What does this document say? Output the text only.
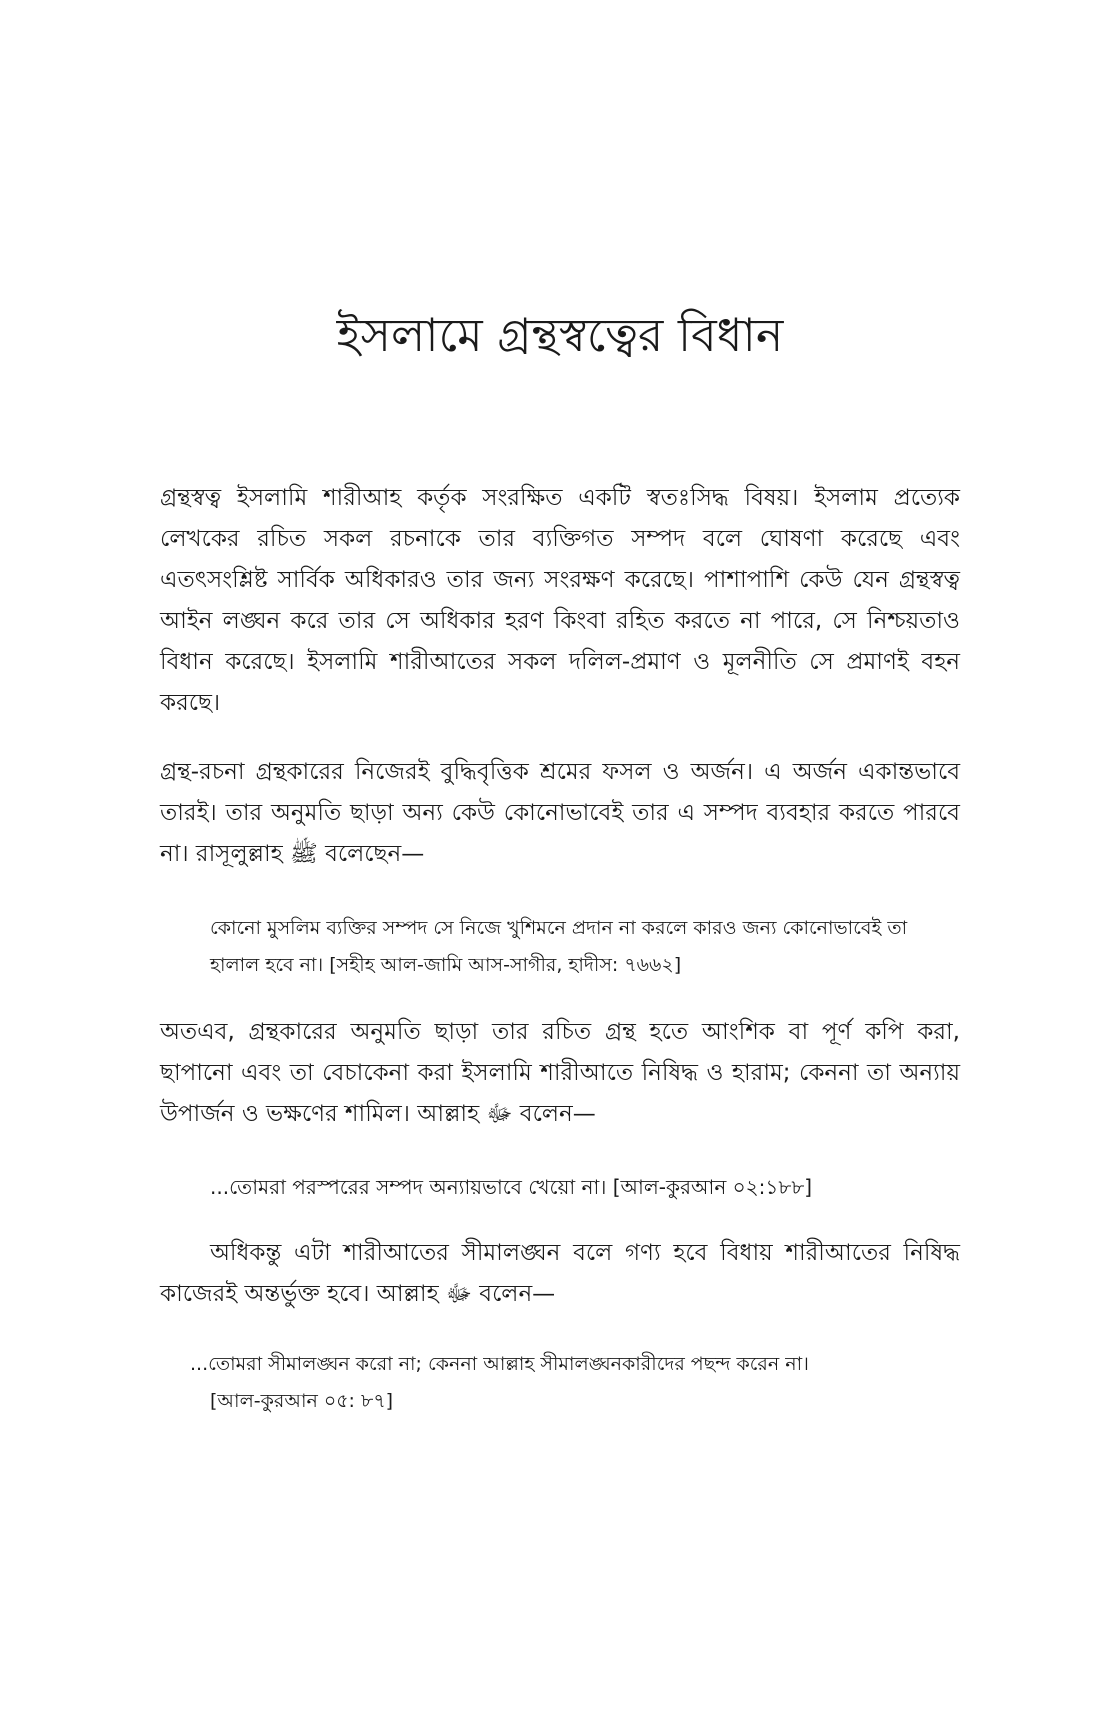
ইসলামে গ্রন্থস্বত্বের বিধান

গ্রন্থস্বত্ব ইসলামি শারীআহ কর্তৃক সংরক্ষিত একটি স্বতঃসিদ্ধ বিষয়। ইসলাম প্রত্যেক লেখকের রচিত সকল রচনাকে তার ব্যক্তিগত সম্পদ বলে ঘোষণা করেছে এবং এতৎসংশ্লিষ্ট সার্বিক অধিকারও তার জন্য সংরক্ষণ করেছে। পাশাপাশি কেউ যেন গ্রন্থস্বত্ব আইন লঙ্ঘন করে তার সে অধিকার হরণ কিংবা রহিত করতে না পারে, সে নিশ্চয়তাও বিধান করেছে। ইসলামি শারীআতের সকল দলিল-প্রমাণ ও মূলনীতি সে প্রমাণই বহন করছে।

গ্রন্থ-রচনা গ্রন্থকারের নিজেরই বুদ্ধিবৃত্তিক শ্রমের ফসল ও অর্জন। এ অর্জন একান্তভাবে তারই। তার অনুমতি ছাড়া অন্য কেউ কোনোভাবেই তার এ সম্পদ ব্যবহার করতে পারবে না। রাসূলুল্লাহ ﷺ বলেছেন—

কোনো মুসলিম ব্যক্তির সম্পদ সে নিজে খুশিমনে প্রদান না করলে কারও জন্য কোনোভাবেই তা হালাল হবে না। [সহীহ আল-জামি আস-সাগীর, হাদীস: ৭৬৬২]

অতএব, গ্রন্থকারের অনুমতি ছাড়া তার রচিত গ্রন্থ হতে আংশিক বা পূর্ণ কপি করা, ছাপানো এবং তা বেচাকেনা করা ইসলামি শারীআতে নিষিদ্ধ ও হারাম; কেননা তা অন্যায় উপার্জন ও ভক্ষণের শামিল। আল্লাহ ﷻ বলেন—

...তোমরা পরস্পরের সম্পদ অন্যায়ভাবে খেয়ো না। [আল-কুরআন ০২:১৮৮]

অধিকন্তু এটা শারীআতের সীমালঙ্ঘন বলে গণ্য হবে বিধায় শারীআতের নিষিদ্ধ কাজেরই অন্তর্ভুক্ত হবে। আল্লাহ ﷻ বলেন—

...তোমরা সীমালঙ্ঘন করো না; কেননা আল্লাহ সীমালঙ্ঘনকারীদের পছন্দ করেন না।
[আল-কুরআন ০৫: ৮৭]
